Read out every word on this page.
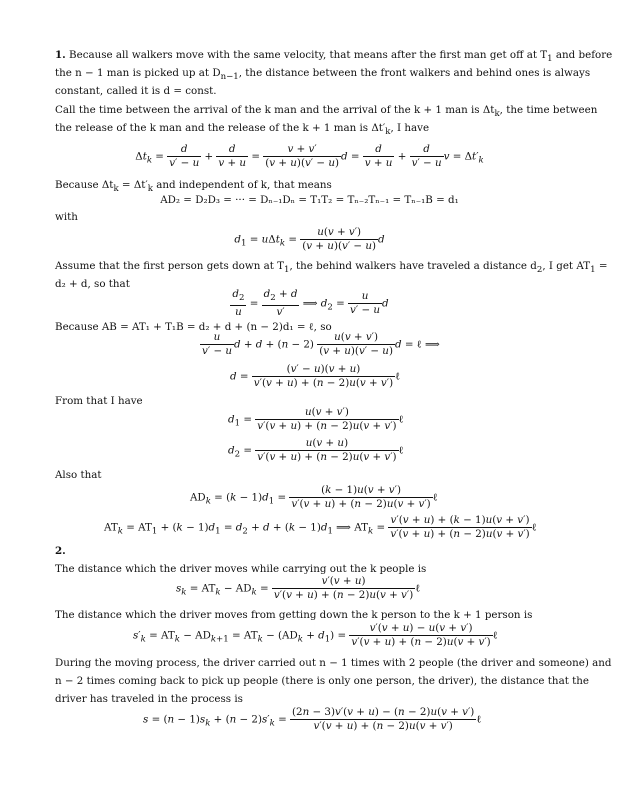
1. Because all walkers move with the same velocity, that means after the first man get off at $T_1$ and before
the n − 1 man is picked up at $D_{n-1}$, the distance between the front walkers and behind ones is always
constant, called it is d = const.
Call the time between the arrival of the k man and the arrival of the k + 1 man is $\Delta t_k$, the time between
the release of the k man and the release of the k + 1 man is $\Delta t'_k$, I have
$\Delta t_k = \frac{d}{v' - u} + \frac{d}{v + u} = \frac{v + v'}{(v + u)(v' - u)}$ $d = \frac{d}{v + u} + \frac{d}{v' - u}$ $v = \Delta t'_k$
Because $\Delta t_k = \Delta t'_k$ and independent of k, that means
AD₂ = D₂D₃ = ··· = Dₙ₋₁Dₙ = T₁T₂ = Tₙ₋₂Tₙ₋₁ = Tₙ₋₁B = d₁
with
$d_1 = u\Delta t_k = \frac{u(v + v')}{(v + u)(v' - u)}$ d
Assume that the first person gets down at $T_1$, the behind walkers have traveled a distance $d_2$, I get $AT_1$ =
d₂ + d, so that
$\frac{d_2}{u} = \frac{d_2 + d}{v'}$ ⟹ $d_2 = \frac{u}{v' - u}$ d
Because AB = AT₁ + T₁B = d₂ + d + (n − 2)d₁ = ℓ, so
$\frac{u}{v' - u}$ $d + d + (n - 2) \frac{u(v + v')}{(v + u)(v' - u)}$ d = ℓ ⟹
$d = \frac{(v' - u)(v + u)}{v'(v + u) + (n - 2)u(v + v')}$ ℓ
From that I have
$d_1 = \frac{u(v + v')}{v'(v + u) + (n - 2)u(v + v')}$ ℓ
$d_2 = \frac{u(v + u)}{v'(v + u) + (n - 2)u(v + v')}$ ℓ
Also that
$AD_k = (k - 1)d_1 = \frac{(k - 1)u(v + v')}{v'(v + u) + (n - 2)u(v + v')}$ ℓ
$AT_k = AT_1 + (k - 1)d_1 = d_2 + d + (k - 1)d_1$ ⟹ $AT_k = \frac{v'(v + u) + (k - 1)u(v + v')}{v'(v + u) + (n - 2)u(v + v')}$ ℓ
2.
The distance which the driver moves while carrying out the k people is
$s_k = AT_k - AD_k = \frac{v'(v + u)}{v'(v + u) + (n - 2)u(v + v')}$ ℓ
The distance which the driver moves from getting down the k person to the k + 1 person is
$s'_k = AT_k - AD_{k+1} = AT_k - (AD_k + d_1) = \frac{v'(v + u) - u(v + v')}{v'(v + u) + (n - 2)u(v + v')}$ ℓ
During the moving process, the driver carried out n − 1 times with 2 people (the driver and someone) and
n − 2 times coming back to pick up people (there is only one person, the driver), the distance that the
driver has traveled in the process is
$s = (n - 1)s_k + (n - 2)s'_k = \frac{(2n - 3)v'(v + u) - (n - 2)u(v + v')}{v'(v + u) + (n - 2)u(v + v')}$ ℓ
